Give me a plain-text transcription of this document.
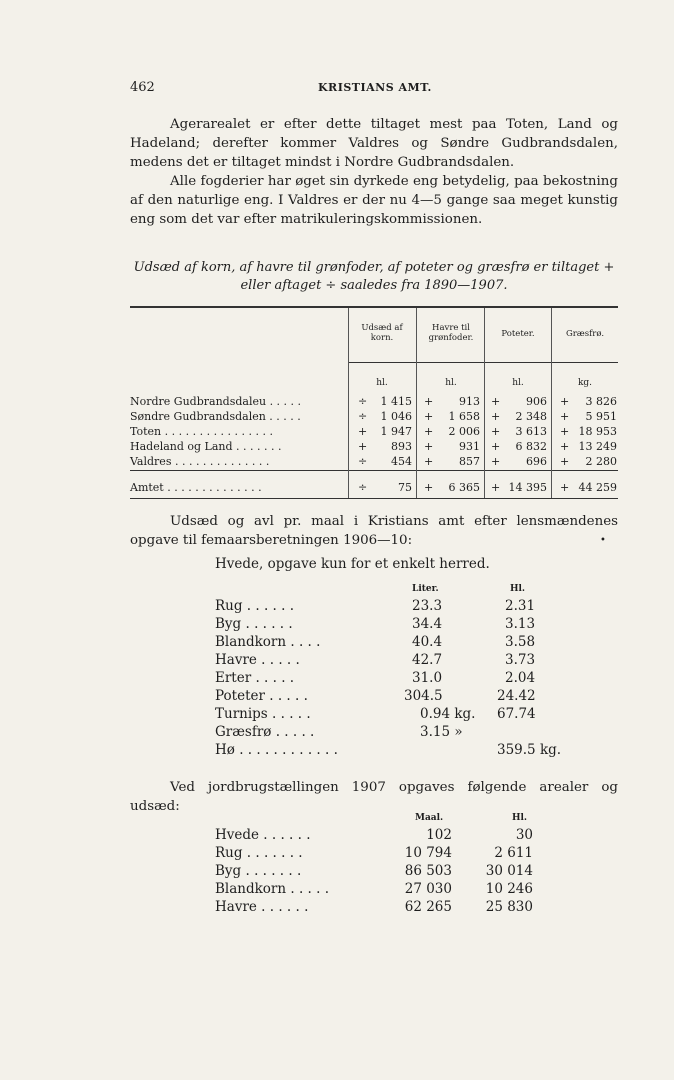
462	KRISTIANS AMT.
Agerarealet er efter dette tiltaget mest paa Toten, Land og Hadeland; derefter kommer Valdres og Søndre Gudbrandsdalen, medens det er tiltaget mindst i Nordre Gudbrandsdalen.
Alle fogderier har øget sin dyrkede eng betydelig, paa bekostning af den naturlige eng. I Valdres er der nu 4—5 gange saa meget kunstig eng som det var efter matrikuleringskommissionen.
Udsæd af korn, af havre til grønfoder, af poteter og græsfrø er tiltaget +
eller aftaget ÷ saaledes fra 1890—1907.
Udsæd af korn.
Havre til grønfoder.	Poteter.	Græsfrø.
hl.	hl.	hl.	kg.
Nordre Gudbrandsdaleu . . . . .	÷ 1 415 + 913 + 906 + 3 826
Søndre Gudbrandsdalen . . . . .	÷ 1 046 + 1 658 + 2 348 + 5 951
Toten . . . . . . . . . . . . . . . .	+ 1 947 + 2 006 + 3 613 + 18 953
Hadeland og Land . . . . . . .	+ 893 + 931 + 6 832 + 13 249
Valdres . . . . . . . . . . . . . .	÷ 454 + 857 + 696 + 2 280
Amtet . . . . . . . . . . . . . .	÷	75 + 6 365 + 14 395 + 44 259
Udsæd og avl pr. maal i Kristians amt efter lensmændenes opgave til femaarsberetningen 1906—10:	•
Hvede, opgave kun for et enkelt herred.
Liter.	Hl.
Rug . . . . . .	23.3	2.31
Byg . . . . . .	34.4	3.13
Blandkorn . . . .	40.4	3.58
Havre . . . . .	42.7	3.73
Erter . . . . .	31.0	2.04
Poteter . . . . .	304.5	24.42
Turnips . . . . .	0.94 kg. 67.74
Græsfrø . . . . .	3.15 »
Hø . . . . . . . . . . . .	359.5 kg.
Ved jordbrugstællingen 1907 opgaves følgende arealer og udsæd:
Maal.	Hl.
Hvede . . . . . .	102	30
Rug . . . . . . .	10 794	2 611
Byg . . . . . . .	86 503	30 014
Blandkorn . . . . .	27 030	10 246
Havre . . . . . .	62 265	25 830
